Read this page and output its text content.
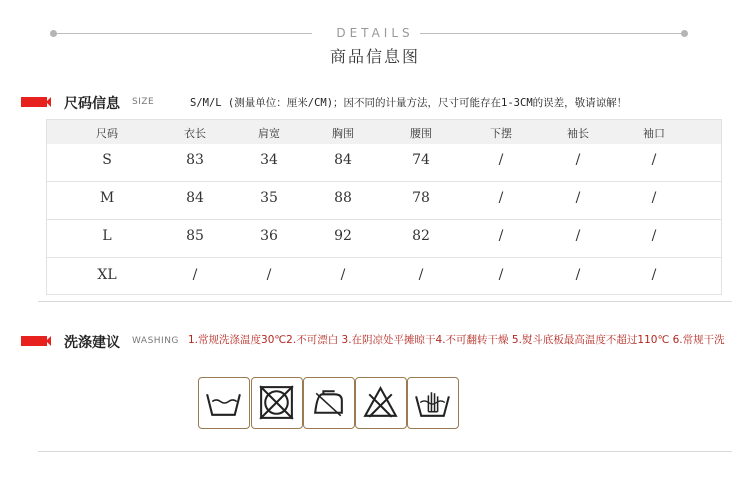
DETAILS
商品信息图
尺码信息 SIZE	S/M/L (测量单位：厘米/CM)；因不同的计量方法，尺寸可能存在1-3CM的误差，敬请谅解！
尺码	衣长	肩宽	胸围	腰围	下摆	袖长	袖口
S	83	34	84	74	/	/	/
M	84	35	88	78	/	/	/
L	85	36	92	82	/	/	/
XL	/	/	/	/	/	/	/
洗涤建议 WASHING 1.常规洗涤温度30℃2.不可漂白 3.在阴凉处平摊晾干4.不可翻转干燥 5.熨斗底板最高温度不超过110℃ 6.常规干洗
